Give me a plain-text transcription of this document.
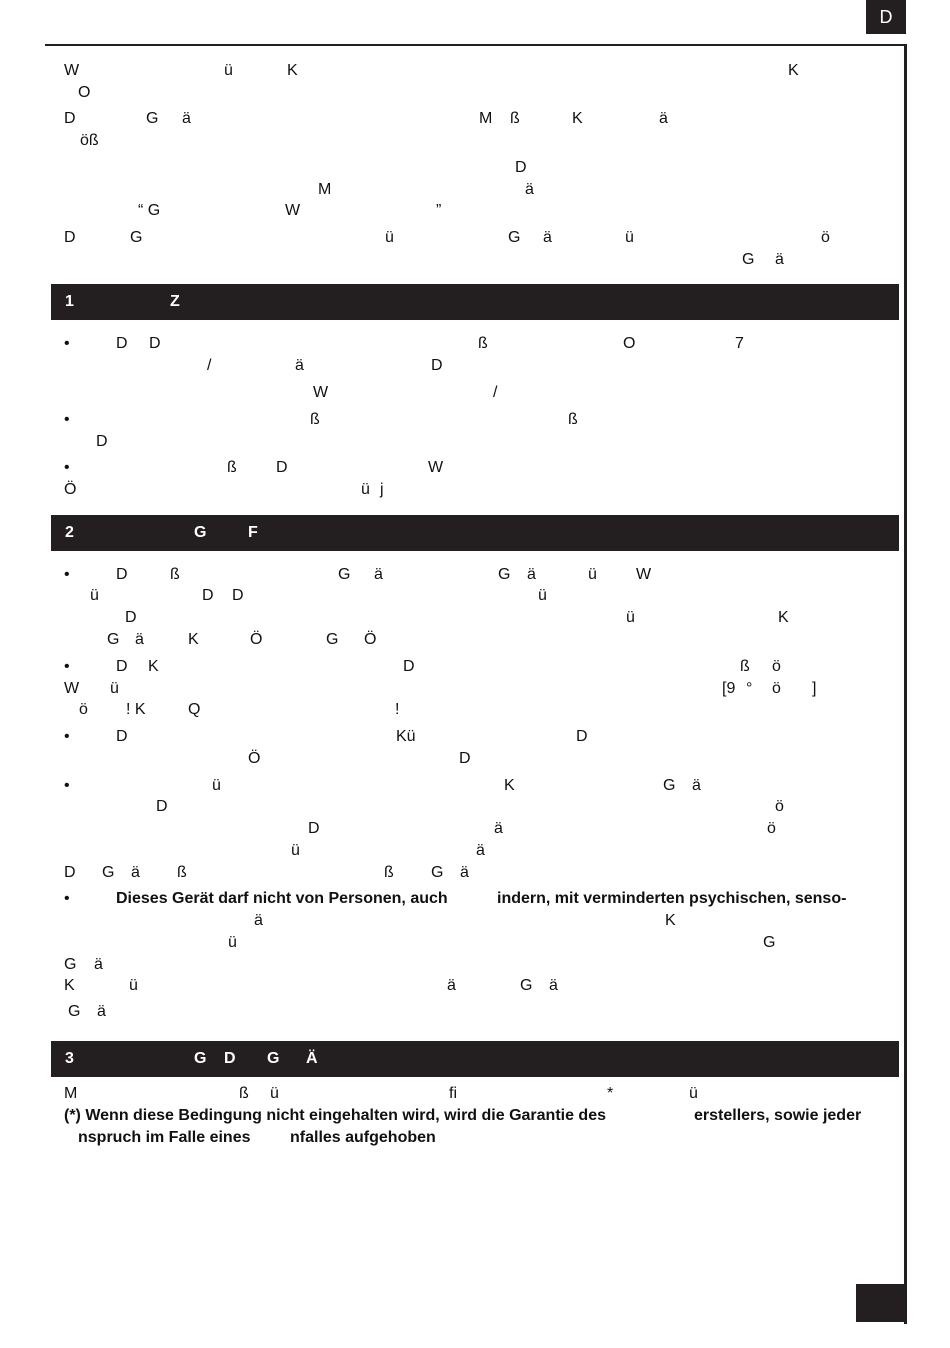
D
W	ü	K	K
O
D	G ä	M ß	K	ä
öß
D
M	ä
“ G	W	”
D	G	ü	G ä	ü	ö
G ä
1	Z
2	G	F
3	G D G Ä
•	D D	ß	O	7
/	ä	D
W	/
•	ß	ß
D
•	ß D	W
Ö	ü j
•	D	ß	G ä	G ä	ü W
ü	D D	ü
D	ü	K
G ä	K	Ö	G Ö
•	D K	D	ß ö
W ü	[9 ° ö ]
ö ! K	Q	!
•	D	Kü	D
Ö	D
•	ü	K	G ä
D	ö
D	ä	ö
ü	ä
D G ä ß	ß G ä
•
ä	K
ü	G
G ä
K	ü	ä	G ä
G ä
Dieses Gerät darf nicht von Personen, auch	indern, mit verminderten psychischen, senso-
M	ß ü	fi	*	ü
(*) Wenn diese Bedingung nicht eingehalten wird, wird die Garantie des	erstellers, sowie jeder
nspruch im Falle eines nfalles aufgehoben
